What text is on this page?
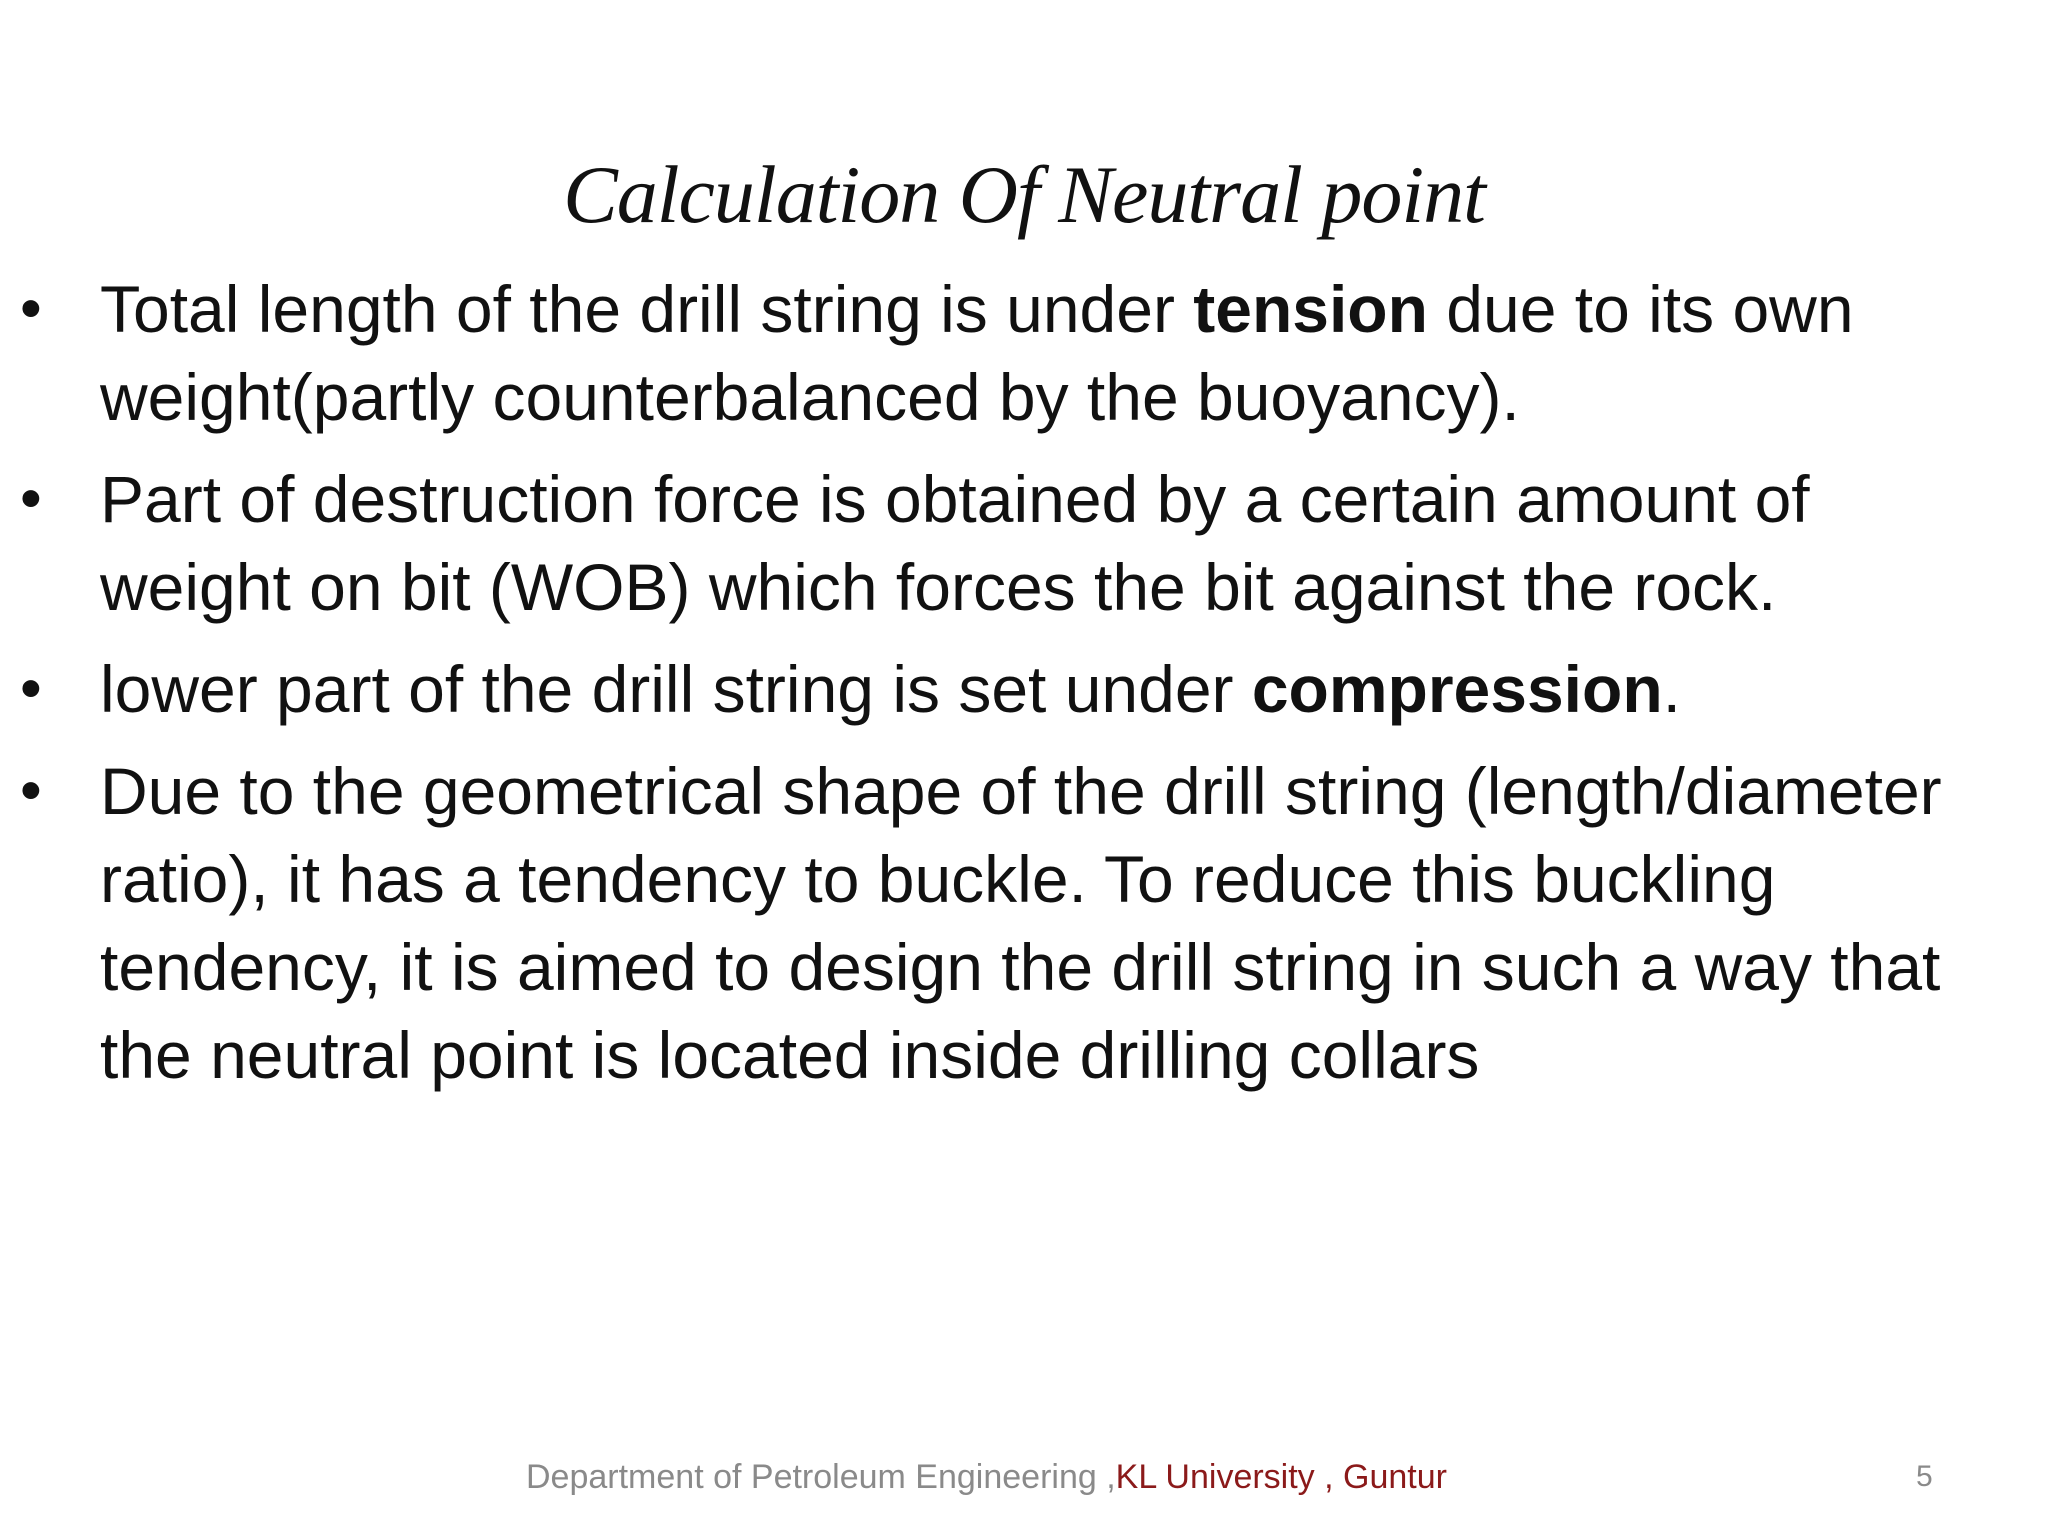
Calculation Of Neutral point
• Total length of the drill string is under tension due to its own weight(partly counterbalanced by the buoyancy).
• Part of destruction force is obtained by a certain amount of weight on bit (WOB) which forces the bit against the rock.
• lower part of the drill string is set under compression.
• Due to the geometrical shape of the drill string (length/diameter ratio), it has a tendency to buckle. To reduce this buckling tendency, it is aimed to design the drill string in such a way that the neutral point is located inside drilling collars
Department of Petroleum Engineering ,KL University , Guntur	5
